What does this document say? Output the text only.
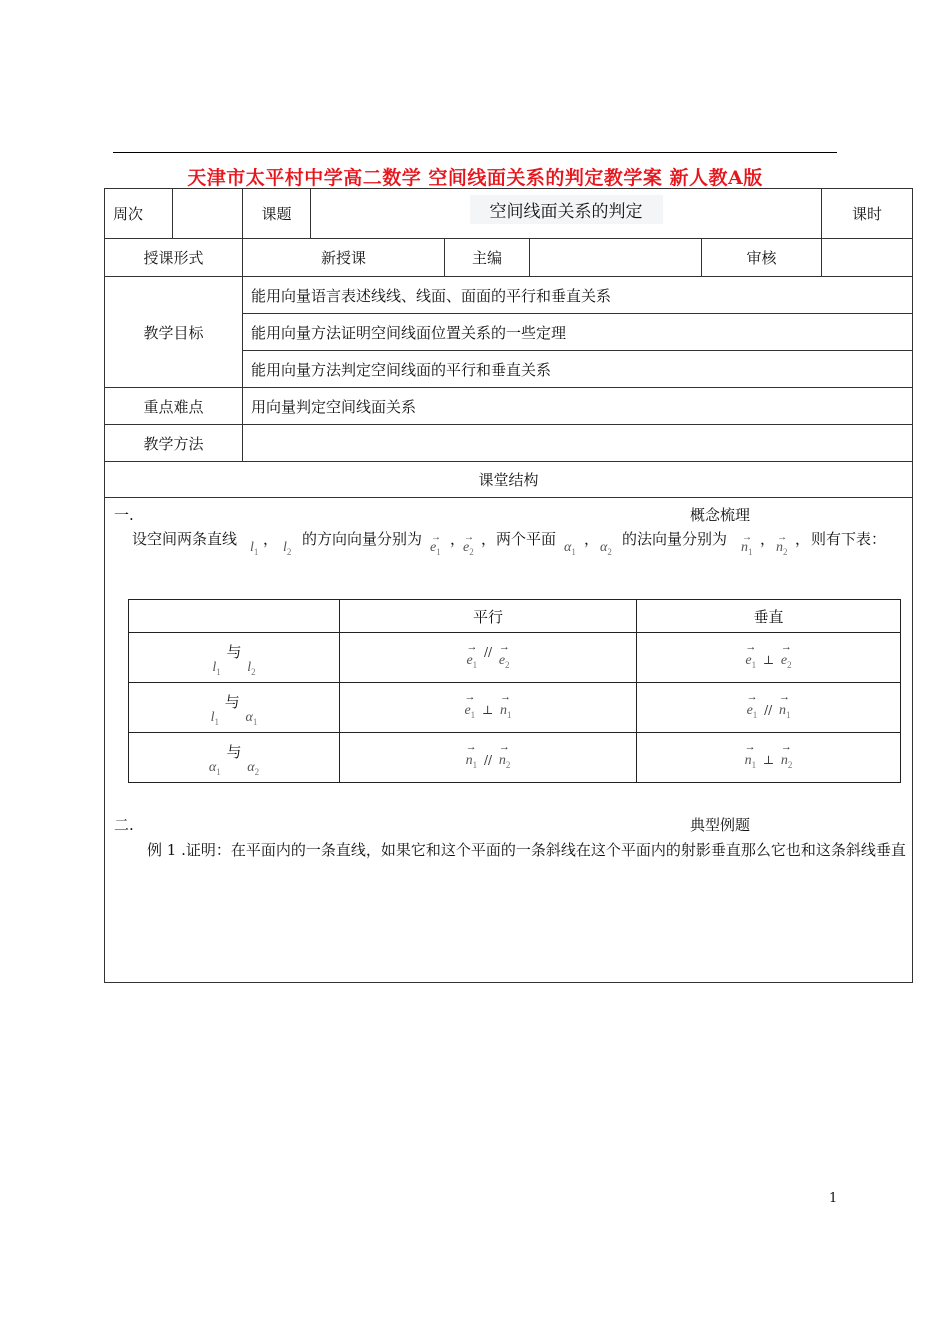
天津市太平村中学高二数学 空间线面关系的判定教学案 新人教A版
周次		课题	空间线面关系的判定	课时
授课形式	新授课	主编		审核	
教学目标	能用向量语言表述线线、线面、面面的平行和垂直关系
能用向量方法证明空间线面位置关系的一些定理
能用向量方法判定空间线面的平行和垂直关系
重点难点	用向量判定空间线面关系
教学方法	
课堂结构

一.	概念梳理
设空间两条直线 $l_1$
， $l_2$
的方向向量分别为 →
$e_1$
，
→
$e_2$
， 两个平面 $\alpha_1$
， $\alpha_2$
的法向量分别为 →
$n_1$
， →
$n_2$
， 则有下表：
	平行	垂直
$l_1$ 与 $l_2$	→ $e_1$ $^{//} \to e_2$	$\to e_1$ ⊥ → $e_2$
$l_1$ 与 $\alpha_1$	→ $e_1$ ⊥ → $n_1$	$\to e_1$ // → $n_1$
$\alpha_1$ 与 $\alpha_2$	→ $n_1$ // → $n_2$	$\to n_1$ ⊥ → $n_2$
二.	典型例题
例 1 .证明：在平面内的一条直线，如果它和这个平面的一条斜线在这个平面内的射影垂直那么它也和这条斜线垂直
1
